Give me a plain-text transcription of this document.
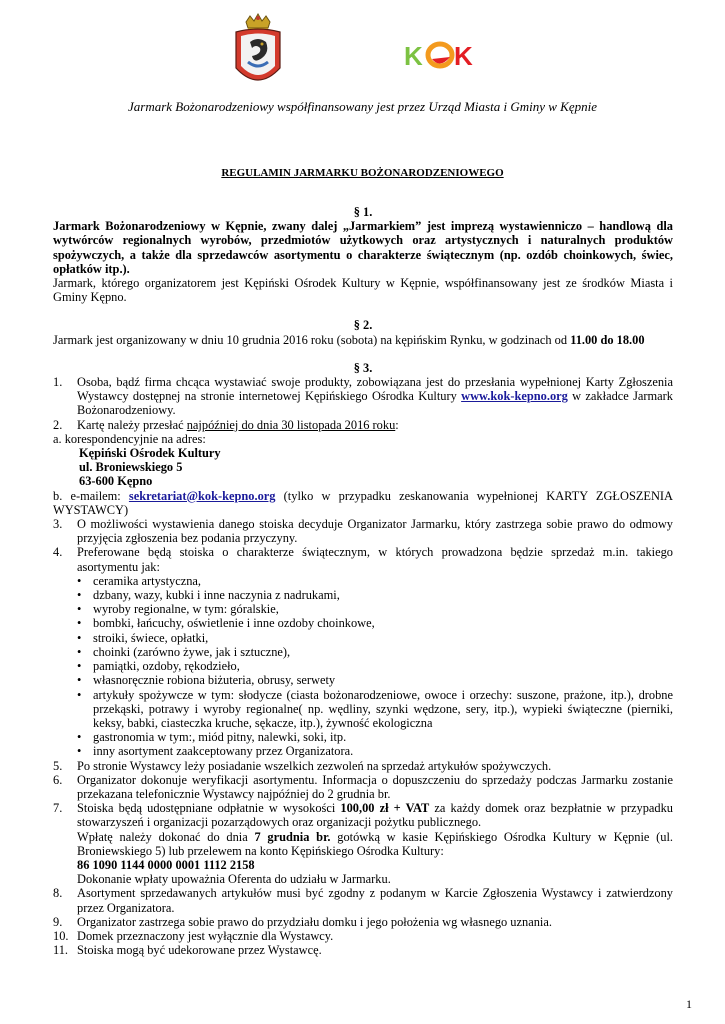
K K
Jarmark Bożonarodzeniowy współfinansowany jest przez Urząd Miasta i Gminy w Kępnie
REGULAMIN JARMARKU BOŻONARODZENIOWEGO

§ 1.

Jarmark Bożonarodzeniowy w Kępnie, zwany dalej „Jarmarkiem” jest imprezą wystawienniczo – handlową dla wytwórców regionalnych wyrobów, przedmiotów użytkowych oraz artystycznych i naturalnych produktów spożywczych, a także dla sprzedawców asortymentu o charakterze świątecznym (np. ozdób choinkowych, świec, opłatków itp.).

Jarmark, którego organizatorem jest Kępiński Ośrodek Kultury w Kępnie, współfinansowany jest ze środków Miasta i Gminy Kępno.

§ 2.

Jarmark jest organizowany w dniu 10 grudnia 2016 roku (sobota) na kępińskim Rynku, w godzinach od 11.00 do 18.00

§ 3.

1. Osoba, bądź firma chcąca wystawiać swoje produkty, zobowiązana jest do przesłania wypełnionej Karty Zgłoszenia Wystawcy dostępnej na stronie internetowej Kępińskiego Ośrodka Kultury www.kok-kepno.org w zakładce Jarmark Bożonarodzeniowy.
2. Kartę należy przesłać najpóźniej do dnia 30 listopada 2016 roku:

a. korespondencyjnie na adres:

Kępiński Ośrodek Kultury

ul. Broniewskiego 5

63-600 Kępno

b. e-mailem: sekretariat@kok-kepno.org (tylko w przypadku zeskanowania wypełnionej KARTY ZGŁOSZENIA WYSTAWCY)

3. O możliwości wystawienia danego stoiska decyduje Organizator Jarmarku, który zastrzega sobie prawo do odmowy przyjęcia zgłoszenia bez podania przyczyny.
4. Preferowane będą stoiska o charakterze świątecznym, w których prowadzona będzie sprzedaż m.in. takiego asortymentu jak:
• ceramika artystyczna,
• dzbany, wazy, kubki i inne naczynia z nadrukami,
• wyroby regionalne, w tym: góralskie,
• bombki, łańcuchy, oświetlenie i inne ozdoby choinkowe,
• stroiki, świece, opłatki,
• choinki (zarówno żywe, jak i sztuczne),
• pamiątki, ozdoby, rękodzieło,
• własnoręcznie robiona biżuteria, obrusy, serwety
• artykuły spożywcze w tym: słodycze (ciasta bożonarodzeniowe, owoce i orzechy: suszone, prażone, itp.), drobne przekąski, potrawy i wyroby regionalne( np. wędliny, szynki wędzone, sery, itp.), wypieki świąteczne (pierniki, keksy, babki, ciasteczka kruche, sękacze, itp.), żywność ekologiczna
• gastronomia w tym:, miód pitny, nalewki, soki, itp.
• inny asortyment zaakceptowany przez Organizatora.
5. Po stronie Wystawcy leży posiadanie wszelkich zezwoleń na sprzedaż artykułów spożywczych.
6. Organizator dokonuje weryfikacji asortymentu. Informacja o dopuszczeniu do sprzedaży podczas Jarmarku zostanie przekazana telefonicznie Wystawcy najpóźniej do 2 grudnia br.
7. Stoiska będą udostępniane odpłatnie w wysokości 100,00 zł + VAT za każdy domek oraz bezpłatnie w przypadku stowarzyszeń i organizacji pozarządowych oraz organizacji pożytku publicznego.
Wpłatę należy dokonać do dnia 7 grudnia br. gotówką w kasie Kępińskiego Ośrodka Kultury w Kępnie (ul. Broniewskiego 5) lub przelewem na konto Kępińskiego Ośrodka Kultury:
86 1090 1144 0000 0001 1112 2158
Dokonanie wpłaty upoważnia Oferenta do udziału w Jarmarku.
8. Asortyment sprzedawanych artykułów musi być zgodny z podanym w Karcie Zgłoszenia Wystawcy i zatwierdzony przez Organizatora.
9. Organizator zastrzega sobie prawo do przydziału domku i jego położenia wg własnego uznania.
10. Domek przeznaczony jest wyłącznie dla Wystawcy.
11. Stoiska mogą być udekorowane przez Wystawcę.
1
